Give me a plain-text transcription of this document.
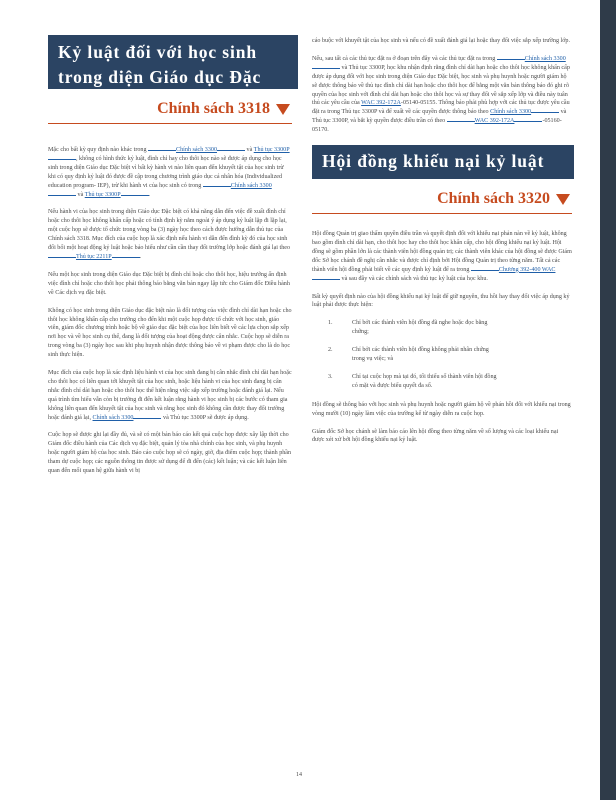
Kỷ luật đối với học sinh trong diện Giáo dục Đặc biệt	Chính sách 3318

Mặc cho bất kỳ quy định nào khác trong	Chính sách 3300	và Thủ tục 3300P, không có hình thức kỷ luật, đình chỉ hay cho thôi học nào sẽ được áp dụng cho học sinh trong diện Giáo dục Đặc biệt vì bất kỳ hành vi nào liên quan đến khuyết tật của học sinh trừ khi có quy định kỷ luật đó được đề cập trong chương trình giáo dục cá nhân hóa (Individualized education program- IEP), trừ khi hành vi của học sinh có trong	Chính sách 3300 và Thủ tục 3300P	.

Nếu hành vi của học sinh trong diện Giáo dục Đặc biệt có khả năng dẫn đến việc đề xuất đình chỉ hoặc cho thôi học không khẩn cấp hoặc có tính định kỳ nằm ngoài ý áp dụng kỷ luật lặp đi lặp lại, một cuộc họp sẽ được tổ chức trong vòng ba (3) ngày học theo cách được hướng dẫn thủ tục của Chính sách 3318. Mục đích của cuộc họp là xác định nếu hành vi dẫn đến đình kỳ đó của học sinh đối bổi một hoạt động kỷ luật hoặc bảo hiểu như cần cần thay đổi trường lớp hoặc đánh giá lại theo Thủ tục 2211P	.

Nếu một học sinh trong diện Giáo dục Đặc biệt bị đình chỉ hoặc cho thôi học, hiệu trưởng ấn định việc đình chỉ hoặc cho thôi học phải thông báo bằng văn bản ngay lập tức cho Giám đốc Điều hành về Các dịch vụ đặc biệt.

Không có học sinh trong diện Giáo dục đặc biệt nào là đối tượng của việc đình chỉ dài hạn hoặc cho thôi học không khẩn cấp cho trường cho đến khi một cuộc họp được tổ chức với học sinh, giáo viên, giám đốc chương trình hoặc bộ về giáo dục đặc biệt của học liên biết về các lựa chọn sắp xếp nơi học và về học sinh cụ thể, đang là đối tượng của hoạt động được cân nhắc. Cuộc họp sẽ diễn ra trong vòng ba (3) ngày học sau khi phụ huynh nhận được thông báo về vi phạm được cho là do học sinh thực hiện.

Mục đích của cuộc họp là xác định liệu hành vi của học sinh đang bị cân nhắc đình chỉ dài hạn hoặc cho thôi học có liên quan tới khuyết tật của học sinh, hoặc liệu hành vi của học sinh đang bị cân nhắc đình chỉ dài hạn hoặc cho thôi học thể hiện rằng việc sắp xếp trường hoặc đánh giá lại. Nếu quá trình tìm hiểu vẫn còn bị trường đi đến kết luận rằng hành vi học sinh bị các bước có tham gia không liên quan đến khuyết tật của học sinh và rằng học sinh đó không cần được thay đổi trường hoặc đánh giá lại, Chính sách 3300	và Thủ tục 3300P sẽ được áp dụng.

Cuộc họp sẽ được ghi lại đầy đủ, và sẽ có một bản báo cáo kết quả cuộc họp được xây lập thời cho Giám đốc điều hành của Các dịch vụ đặc biệt, quản lý tòa nhà chính của học sinh, và phụ huynh hoặc người giám hộ của học sinh. Báo cáo cuộc họp sẽ có ngày, giờ, địa điểm cuộc họp; thành phần tham dự cuộc họp; các nguồn thông tin được sử dụng để đi đến (các) kết luận; và các kết luận liên quan đến mối quan hệ giữa hành vi bị

cáo buộc với khuyết tật của học sinh và nếu có đề xuất đánh giá lại hoặc thay đổi việc sắp xếp trường lớp.

Nếu, sau tất cả các thủ tục đặt ra ở đoạn trên đây và các thủ tục đặt ra trong	Chính sách 3300 và Thủ tục 3300P, học khu nhận định rằng đình chỉ dài hạn hoặc cho thôi học không khẩn cấp được áp dụng đối với học sinh trong diện Giáo dục Đặc biệt, học sinh và phụ huynh hoặc người giám hộ sẽ được thông báo về thủ tục đình chỉ dài hạn hoặc cho thôi học để bằng một văn bản thông báo đó ghi rõ quyền của học sinh với đình chỉ dài hạn hoặc cho thôi học và sự thay đổi về sắp xếp lớp và điều này tuân thủ các yêu cầu của WAC 392-172A-05140-05155. Thông báo phải phù hợp với các thủ tục được yêu cầu đặt ra trong Thủ tục 3300P và để xuất về các quyền được thông báo theo Chính sách 3300	và Thủ tục 3300P, và bắt kỳ quyền được điều trần có theo	WAC 392-172A	-05160-05170.

Hội đồng khiếu nại kỷ luật
Chính sách 3320

Hội đồng Quản trị giao thẩm quyền điều trần và quyết định đối với khiếu nại phản nàn về kỷ luật, không bao gồm đình chỉ dài hạn, cho thôi học hay cho thôi học khẩn cấp, cho hội đồng khiếu nại kỷ luật. Hội đồng sẽ gồm phần lớn là các thành viên hội đồng quản trị; các thành viên khác của hội đồng sẽ được Giám đốc Sở học chánh đề nghị cân nhắc và được chỉ định bởi Hội đồng Quản trị theo từng năm. Tất cả các thành viên hội đồng phải biết về các quy định kỷ luật để ra trong	Chương 392-400 WAC và sau đây và các chính sách và thủ tục kỷ luật của học khu.

Bất kỳ quyết định nào của hội đồng khiếu nại kỷ luật để giữ nguyên, thu hồi hay thay đổi việc áp dụng kỷ luật phải được thực hiện:

1.	Chỉ bởi các thành viên hội đồng đã nghe hoặc đọc bằng chứng;
2.	Chỉ bởi các thành viên hội đồng không phải nhân chứng trong vụ việc; và
3.	Chỉ tại cuộc họp mà tại đó, tối thiểu số thành viên hội đồng có mặt và được biểu quyết đa số.

Hội đồng sẽ thông báo với học sinh và phụ huynh hoặc người giám hộ về phán hồi đối với khiếu nại trong vòng mười (10) ngày làm việc của trường kể từ ngày diễn ra cuộc họp.

Giám đốc Sở học chánh sẽ làm báo cáo lên hội đồng theo từng năm về số lượng và các loại khiếu nại được xét xử bởi hội đồng khiếu nại kỷ luật.

14
